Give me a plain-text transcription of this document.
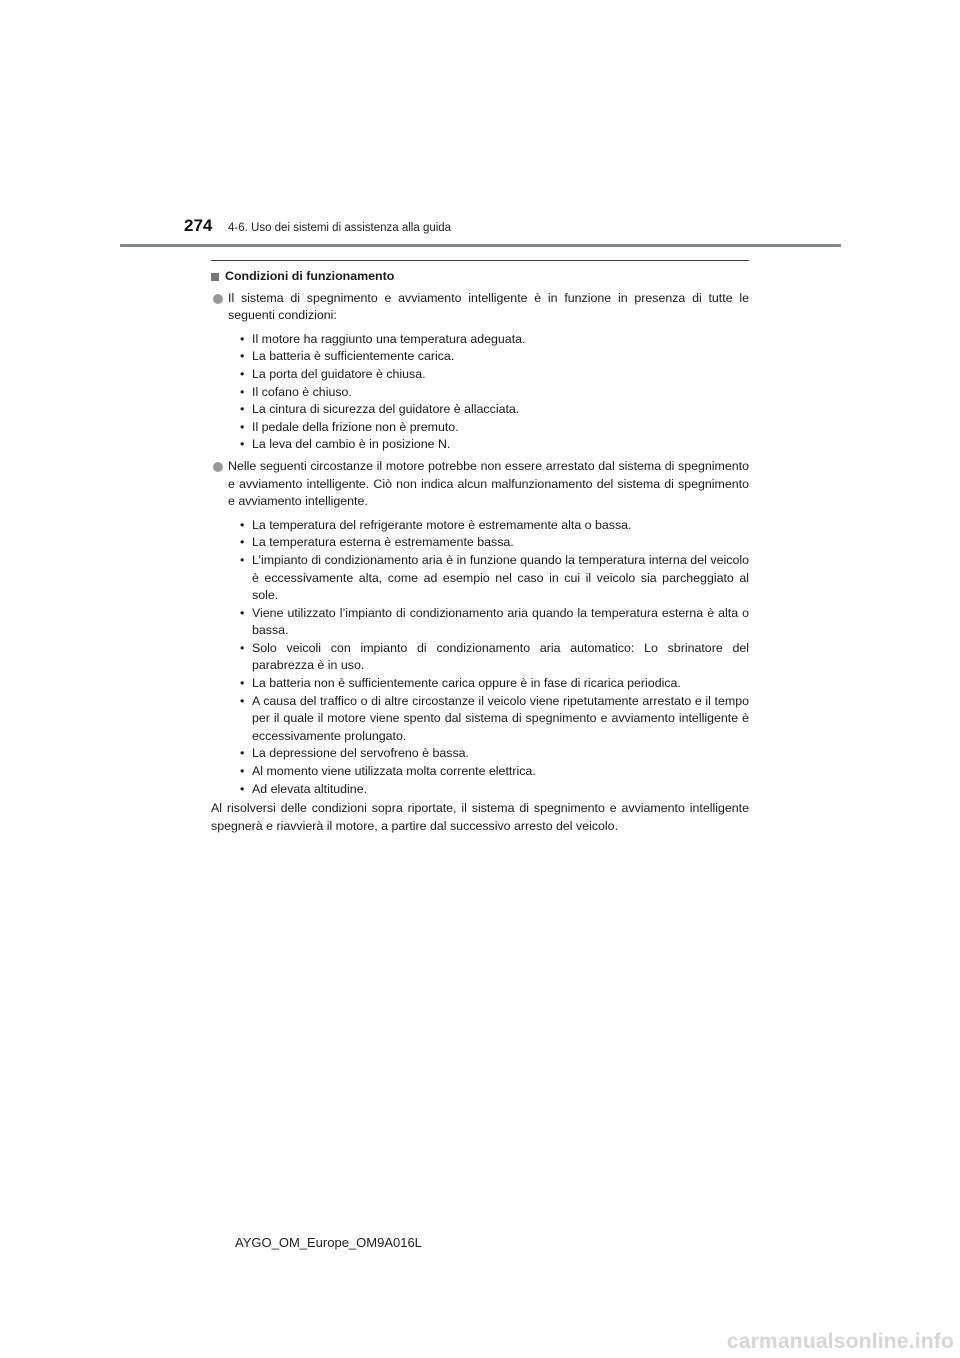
274 4-6. Uso dei sistemi di assistenza alla guida
Condizioni di funzionamento
Il sistema di spegnimento e avviamento intelligente è in funzione in presenza di tutte le seguenti condizioni:
• Il motore ha raggiunto una temperatura adeguata.
• La batteria è sufficientemente carica.
• La porta del guidatore è chiusa.
• Il cofano è chiuso.
• La cintura di sicurezza del guidatore è allacciata.
• Il pedale della frizione non è premuto.
• La leva del cambio è in posizione N.
Nelle seguenti circostanze il motore potrebbe non essere arrestato dal sistema di spegnimento e avviamento intelligente. Ciò non indica alcun malfunzionamento del sistema di spegnimento e avviamento intelligente.
• La temperatura del refrigerante motore è estremamente alta o bassa.
• La temperatura esterna è estremamente bassa.
• L’impianto di condizionamento aria è in funzione quando la temperatura interna del veicolo è eccessivamente alta, come ad esempio nel caso in cui il veicolo sia parcheggiato al sole.
• Viene utilizzato l’impianto di condizionamento aria quando la temperatura esterna è alta o bassa.
• Solo veicoli con impianto di condizionamento aria automatico: Lo sbrinatore del parabrezza è in uso.
• La batteria non è sufficientemente carica oppure è in fase di ricarica periodica.
• A causa del traffico o di altre circostanze il veicolo viene ripetutamente arrestato e il tempo per il quale il motore viene spento dal sistema di spegnimento e avviamento intelligente è eccessivamente prolungato.
• La depressione del servofreno è bassa.
• Al momento viene utilizzata molta corrente elettrica.
• Ad elevata altitudine.
Al risolversi delle condizioni sopra riportate, il sistema di spegnimento e avviamento intelligente spegnerà e riavvierà il motore, a partire dal successivo arresto del veicolo.
AYGO_OM_Europe_OM9A016L
carmanualsonline.info
